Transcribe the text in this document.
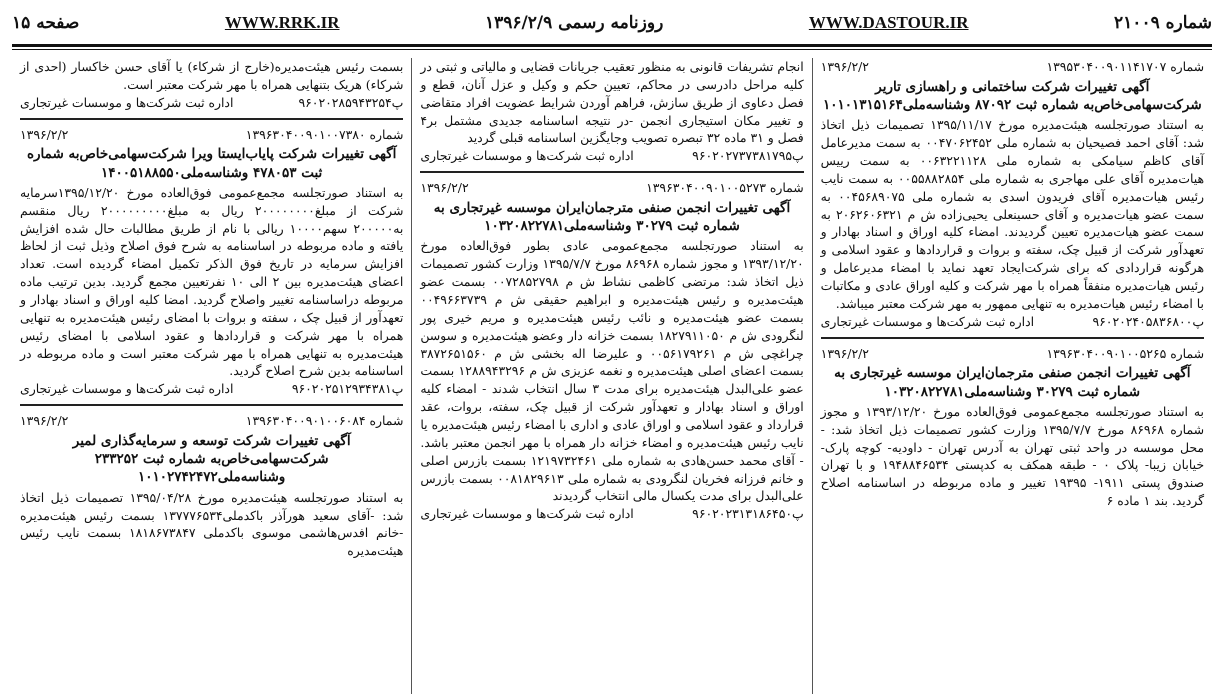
شماره ۲۱۰۰۹
WWW.DASTOUR.IR
روزنامه رسمی ۱۳۹۶/۲/۹
WWW.RRK.IR
صفحه ۱۵
شماره ۱۳۹۵۳۰۴۰۰۹۰۱۱۴۱۷۰۷
۱۳۹۶/۲/۲
آگهی تغییرات شرکت ساختمانی و راهسازی تاریر شرکت‌سهامی‌خاص‌به شماره ثبت ۸۷۰۹۲ وشناسه‌ملی۱۰۱۰۱۳۱۵۱۶۴
به استناد صورتجلسه هیئت‌مدیره مورخ ۱۳۹۵/۱۱/۱۷ تصمیمات ذیل اتخاذ شد: آقای احمد فصیحیان به شماره ملی ۰۰۴۷۰۶۲۴۵۲ به سمت مدیرعامل آقای کاظم سیامکی به شماره ملی ۰۰۶۳۲۲۱۱۲۸ به سمت رییس هیات‌مدیره آقای علی مهاجری به شماره ملی ۰۰۵۵۸۸۲۸۵۴ به سمت نایب رئیس هیات‌مدیره آقای فریدون اسدی به شماره ملی ۰۰۴۵۶۸۹۰۷۵ به سمت عضو هیات‌مدیره و آقای حسینعلی یحیی‌زاده ش م ۲۰۶۲۶۰۶۳۲۱ به سمت عضو هیات‌مدیره تعیین گردیدند. امضاء کلیه اوراق و اسناد بهادار و تعهدآور شرکت از قبیل چک، سفته و بروات و قراردادها و عقود اسلامی و هرگونه قراردادی که برای شرکت‌ایجاد تعهد نماید با امضاء مدیرعامل و رئیس هیات‌مدیره منفقاً همراه با مهر شرکت و کلیه اوراق عادی و مکاتبات با امضاء رئیس هیات‌مدیره به تنهایی ممهور به مهر شرکت معتبر میباشد.
پ۹۶۰۲۰۲۴۰۵۸۳۶۸۰۰
اداره ثبت شرکت‌ها و موسسات غیرتجاری
شماره ۱۳۹۶۳۰۴۰۰۹۰۱۰۰۵۲۶۵
۱۳۹۶/۲/۲
آگهی تغییرات انجمن صنفی مترجمان‌ایران موسسه غیرتجاری به شماره ثبت ۳۰۲۷۹ وشناسه‌ملی۱۰۳۲۰۸۲۲۷۸۱
به استناد صورتجلسه مجمع‌عمومی فوق‌العاده مورخ ۱۳۹۳/۱۲/۲۰ و مجوز شماره ۸۶۹۶۸ مورخ ۱۳۹۵/۷/۷ وزارت کشور تصمیمات ذیل اتخاذ شد: - محل موسسه در واحد ثبتی تهران به آدرس تهران - داودیه- کوچه پارک- خیابان زیبا- پلاک ۰ - طبقه همکف به کدپستی ۱۹۴۸۸۴۶۵۳۴ و با تهران صندوق پستی ۱۹۱۱- ۱۹۳۹۵ تغییر و ماده مربوطه در اساسنامه اصلاح گردید. بند ۱ ماده ۶
انجام تشریفات قانونی به منظور تعقیب جریانات قضایی و مالیاتی و ثبتی در کلیه مراحل دادرسی در محاکم، تعیین حکم و وکیل و عزل آنان، قطع و فصل دعاوی از طریق سازش، فراهم آوردن شرایط عضویت افراد متقاضی و تغییر مکان استیجاری انجمن -در نتیجه اساسنامه جدیدی مشتمل بر۴ فصل و ۳۱ ماده ۳۲ تبصره تصویب وجایگزین اساسنامه قبلی گردید
پ۹۶۰۲۰۲۷۳۷۳۸۱۷۹۵
اداره ثبت شرکت‌ها و موسسات غیرتجاری
شماره ۱۳۹۶۳۰۴۰۰۹۰۱۰۰۵۲۷۳
۱۳۹۶/۲/۲
آگهی تغییرات انجمن صنفی مترجمان‌ایران موسسه غیرتجاری به شماره ثبت ۳۰۲۷۹ وشناسه‌ملی۱۰۳۲۰۸۲۲۷۸۱
به استناد صورتجلسه مجمع‌عمومی عادی بطور فوق‌العاده مورخ ۱۳۹۳/۱۲/۲۰ و مجوز شماره ۸۶۹۶۸ مورخ ۱۳۹۵/۷/۷ وزارت کشور تصمیمات ذیل اتخاذ شد: مرتضی کاظمی نشاط ش م ۰۰۷۲۸۵۲۷۹۸ بسمت عضو هیئت‌مدیره و رئیس هیئت‌مدیره و ابراهیم حقیقی ش م ۰۰۴۹۶۶۳۷۳۹ بسمت عضو هیئت‌مدیره و نائب رئیس هیئت‌مدیره و مریم خیری پور لنگرودی ش م ۱۸۲۷۹۱۱۰۵۰ بسمت خزانه دار وعضو هیئت‌مدیره و سوسن چراغچی ش م ۰۰۵۶۱۷۹۲۶۱ و علیرضا اله بخشی ش م ۳۸۷۲۶۵۱۵۶۰ بسمت اعضای اصلی هیئت‌مدیره و نغمه عزیزی ش م ۱۲۸۸۹۴۳۲۹۶ بسمت عضو علی‌البدل هیئت‌مدیره برای مدت ۳ سال انتخاب شدند - امضاء کلیه اوراق و اسناد بهادار و تعهدآور شرکت از قبیل چک، سفته، بروات، عقد قرارداد و عقود اسلامی و اوراق عادی و اداری با امضاء رئیس هیئت‌مدیره یا نایب رئیس هیئت‌مدیره و امضاء خزانه دار همراه با مهر انجمن معتبر باشد. - آقای محمد حسن‌هادی به شماره ملی ۱۲۱۹۷۳۲۴۶۱ بسمت بازرس اصلی و خانم فرزانه فخریان لنگرودی به شماره ملی ۰۰۸۱۸۲۹۶۱۳ بسمت بازرس علی‌البدل برای مدت یکسال مالی انتخاب گردیدند
پ۹۶۰۲۰۲۳۱۳۱۸۶۴۵۰
اداره ثبت شرکت‌ها و موسسات غیرتجاری
بسمت رئیس هیئت‌مدیره(خارج از شرکاء) یا آقای حسن خاکسار (احدی از شرکاء) هریک بتنهایی همراه با مهر شرکت معتبر است.
پ۹۶۰۲۰۲۸۵۹۴۳۲۵۴
اداره ثبت شرکت‌ها و موسسات غیرتجاری
شماره ۱۳۹۶۳۰۴۰۰۹۰۱۰۰۷۳۸۰
۱۳۹۶/۲/۲
آگهی تغییرات شرکت پایاب‌ایستا ویرا شرکت‌سهامی‌خاص‌به شماره ثبت ۴۷۸۰۵۳ وشناسه‌ملی۱۴۰۰۵۱۸۸۵۵۰
به استناد صورتجلسه مجمع‌عمومی فوق‌العاده مورخ ۱۳۹۵/۱۲/۲۰سرمایه شرکت از مبلغ۲۰۰۰۰۰۰۰۰ ریال به مبلغ۲۰۰۰۰۰۰۰۰۰ ریال منقسم به۲۰۰۰۰۰ سهم۱۰۰۰۰ ریالی با نام از طریق مطالبات حال شده افزایش یافته و ماده مربوطه در اساسنامه به شرح فوق اصلاح وذیل ثبت از لحاظ افزایش سرمایه در تاریخ فوق الذکر تکمیل امضاء گردیده است. تعداد اعضای هیئت‌مدیره بین ۲ الی ۱۰ نفرتعیین مجمع گردید. بدین ترتیب ماده مربوطه دراساسنامه تغییر واصلاح گردید. امضا کلیه اوراق و اسناد بهادار و تعهدآور از قبیل چک ، سفته و بروات با امضای رئیس هیئت‌مدیره به تنهایی همراه با مهر شرکت و قراردادها و عقود اسلامی با امضای رئیس هیئت‌مدیره به تنهایی همراه با مهر شرکت معتبر است و ماده مربوطه در اساسنامه بدین شرح اصلاح گردید.
پ۹۶۰۲۰۲۵۱۲۹۳۴۳۸۱
اداره ثبت شرکت‌ها و موسسات غیرتجاری
شماره ۱۳۹۶۳۰۴۰۰۹۰۱۰۰۶۰۸۴
۱۳۹۶/۲/۲
آگهی تغییرات شرکت توسعه و سرمایه‌گذاری لمیر شرکت‌سهامی‌خاص‌به شماره ثبت ۲۳۳۲۵۲ وشناسه‌ملی۱۰۱۰۲۷۴۲۴۷۲
به استناد صورتجلسه هیئت‌مدیره مورخ ۱۳۹۵/۰۴/۲۸ تصمیمات ذیل اتخاذ شد: -آقای سعید هورآذر باکدملی۱۳۷۷۷۶۵۳۴ بسمت رئیس هیئت‌مدیره -خانم افدس‌هاشمی موسوی باکدملی ۱۸۱۸۶۷۳۸۴۷ بسمت نایب رئیس هیئت‌مدیره
